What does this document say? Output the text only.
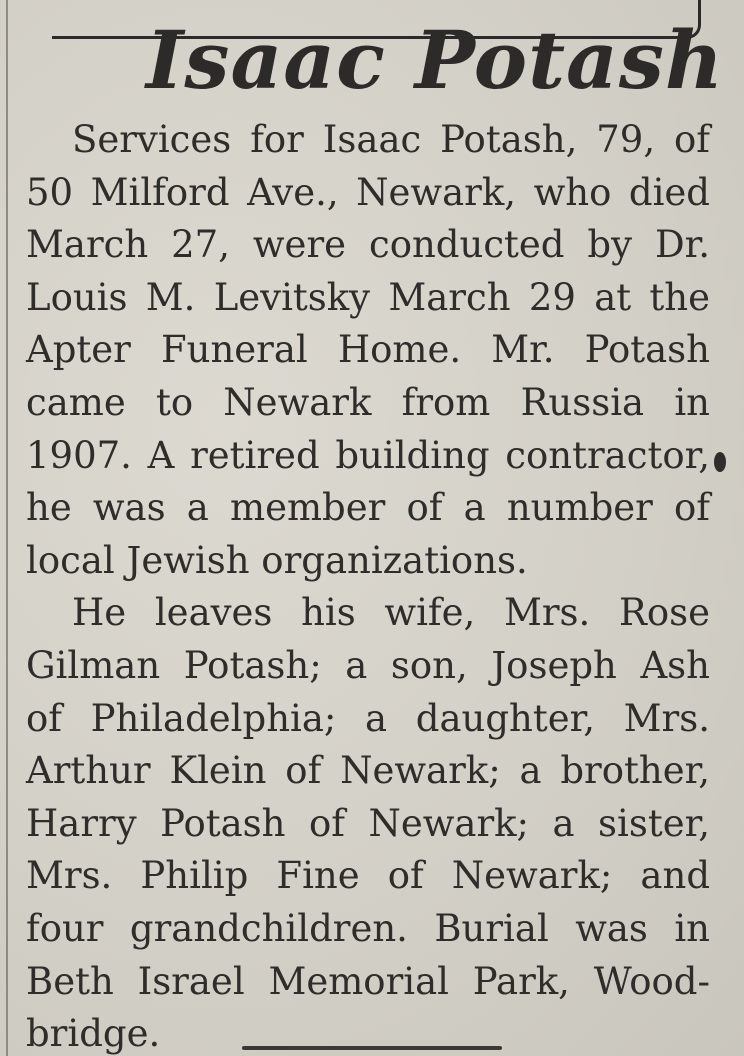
Isaac Potash
Services for Isaac Potash, 79, of
50 Milford Ave., Newark, who died
March 27, were conducted by Dr.
Louis M. Levitsky March 29 at the
Apter Funeral Home. Mr. Potash
came to Newark from Russia in
1907. A retired building contractor,
he was a member of a number of
local Jewish organizations.
He leaves his wife, Mrs. Rose
Gilman Potash; a son, Joseph Ash
of Philadelphia; a daughter, Mrs.
Arthur Klein of Newark; a brother,
Harry Potash of Newark; a sister,
Mrs. Philip Fine of Newark; and
four grandchildren. Burial was in
Beth Israel Memorial Park, Wood-
bridge.
